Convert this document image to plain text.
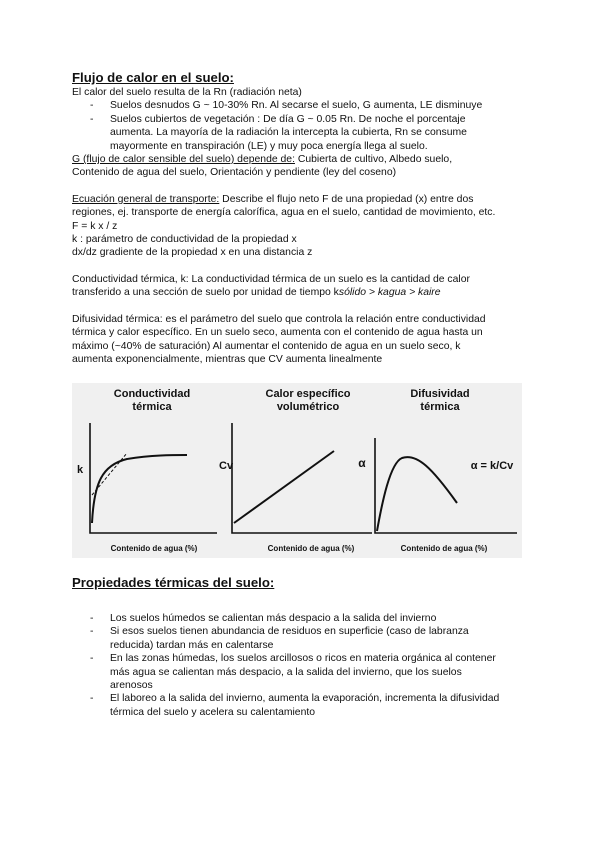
Flujo de calor en el suelo:
El calor del suelo resulta de la Rn (radiación neta)
- Suelos desnudos G ~ 10-30% Rn. Al secarse el suelo, G aumenta, LE disminuye
- Suelos cubiertos de vegetación : De día G ~ 0.05 Rn. De noche el porcentaje
aumenta. La mayoría de la radiación la intercepta la cubierta, Rn se consume
mayormente en transpiración (LE) y muy poca energía llega al suelo.
G (flujo de calor sensible del suelo) depende de: Cubierta de cultivo, Albedo suelo,
Contenido de agua del suelo, Orientación y pendiente (ley del coseno)
Ecuación general de transporte: Describe el flujo neto F de una propiedad (x) entre dos
regiones, ej. transporte de energía calorífica, agua en el suelo, cantidad de movimiento, etc.
F = k x / z
k : parámetro de conductividad de la propiedad x
dx/dz gradiente de la propiedad x en una distancia z
Conductividad térmica, k: La conductividad térmica de un suelo es la cantidad de calor
transferido a una sección de suelo por unidad de tiempo ksólido > kagua > kaire
Difusividad térmica: es el parámetro del suelo que controla la relación entre conductividad
térmica y calor específico. En un suelo seco, aumenta con el contenido de agua hasta un
máximo (~40% de saturación) Al aumentar el contenido de agua en un suelo seco, k
aumenta exponencialmente, mientras que CV aumenta linealmente
Conductividad
térmica
k
Contenido de agua (%)
Calor específico
volumétrico
Cv
Contenido de agua (%)
Difusividad
térmica
α	α = k/Cv
Contenido de agua (%)
Propiedades térmicas del suelo:
- Los suelos húmedos se calientan más despacio a la salida del invierno
- Si esos suelos tienen abundancia de residuos en superficie (caso de labranza
reducida) tardan más en calentarse
- En las zonas húmedas, los suelos arcillosos o ricos en materia orgánica al contener
más agua se calientan más despacio, a la salida del invierno, que los suelos
arenosos
- El laboreo a la salida del invierno, aumenta la evaporación, incrementa la difusividad
térmica del suelo y acelera su calentamiento
